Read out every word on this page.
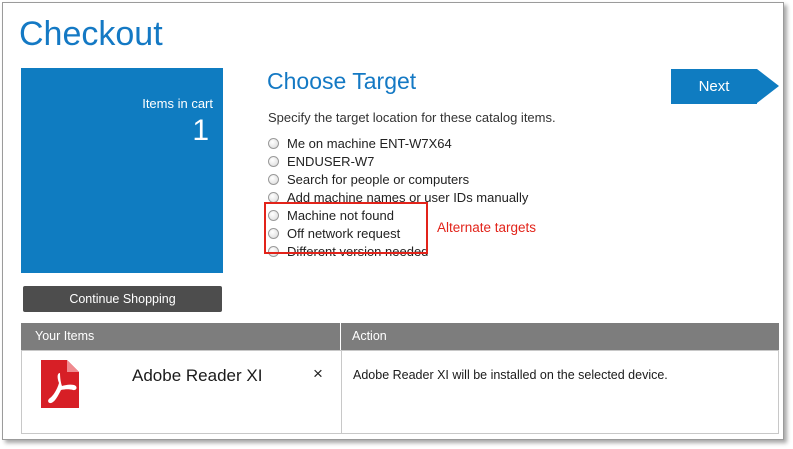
Checkout
Items in cart
1
Continue Shopping
Choose Target
Specify the target location for these catalog items.
Me on machine ENT-W7X64
ENDUSER-W7
Search for people or computers
Add machine names or user IDs manually
Machine not found
Off network request
Different version needed
Alternate targets
Next
Your Items	Action
Adobe Reader XI	× Adobe Reader XI will be installed on the selected device.
